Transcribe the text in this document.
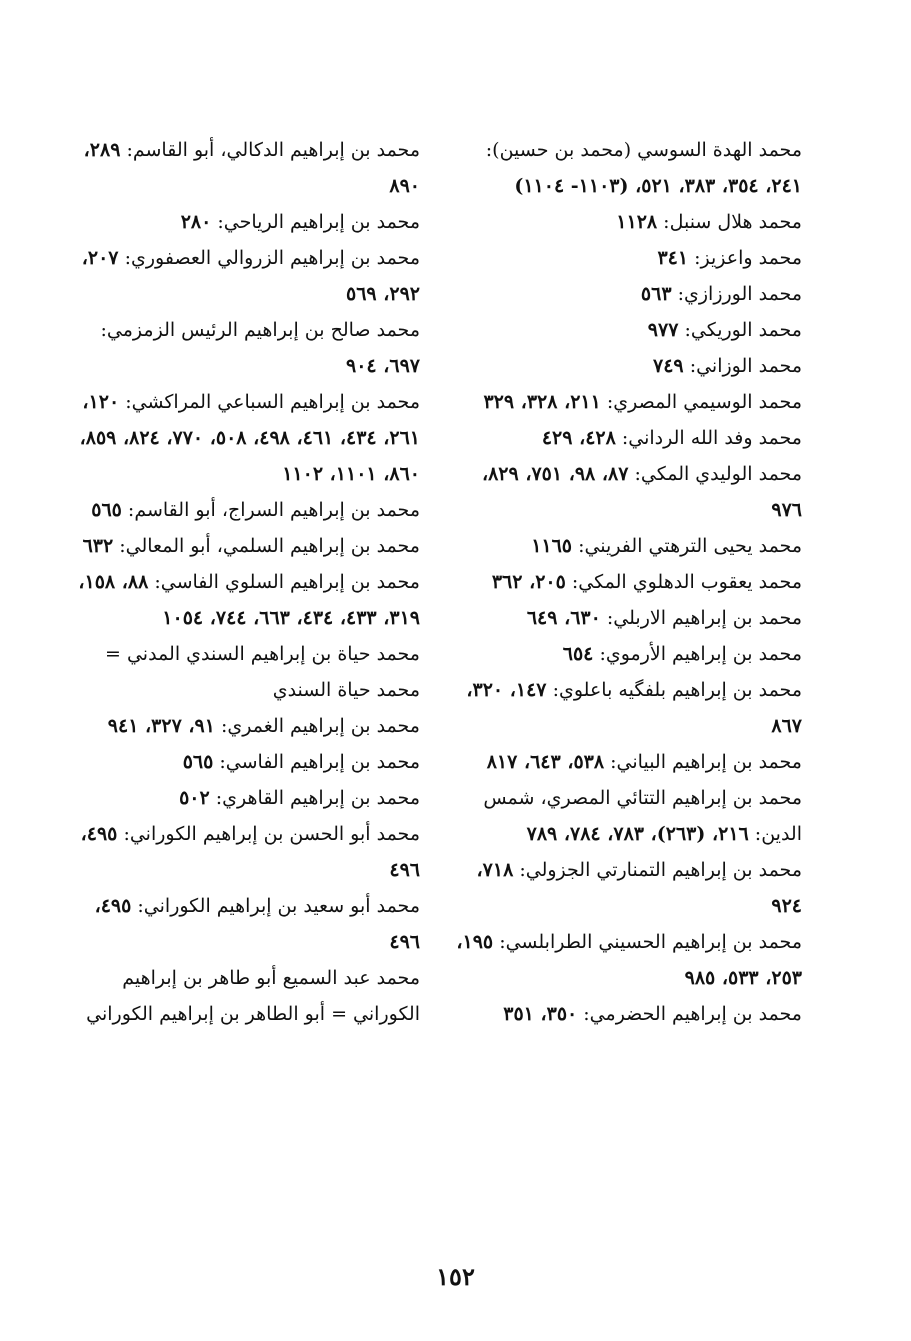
محمد الهدة السوسي (محمد بن حسين): ٢٤١، ٣٥٤، ٣٨٣، ٥٢١، (١١٠٣- ١١٠٤)

محمد هلال سنبل: ١١٢٨

محمد واعزيز: ٣٤١

محمد الورزازي: ٥٦٣

محمد الوريكي: ٩٧٧

محمد الوزاني: ٧٤٩

محمد الوسيمي المصري: ٢١١، ٣٢٨، ٣٢٩

محمد وفد الله الرداني: ٤٢٨، ٤٢٩

محمد الوليدي المكي: ٨٧، ٩٨، ٧٥١، ٨٢٩، ٩٧٦

محمد يحيى الترهتي الفريني: ١١٦٥

محمد يعقوب الدهلوي المكي: ٢٠٥، ٣٦٢

محمد بن إبراهيم الاربلي: ٦٣٠، ٦٤٩

محمد بن إبراهيم الأرموي: ٦٥٤

محمد بن إبراهيم بلفگيه باعلوي: ١٤٧، ٣٢٠، ٨٦٧

محمد بن إبراهيم البياني: ٥٣٨، ٦٤٣، ٨١٧

محمد بن إبراهيم التتائي المصري، شمس الدين: ٢١٦، (٢٦٣)، ٧٨٣، ٧٨٤، ٧٨٩

محمد بن إبراهيم التمنارتي الجزولي: ٧١٨، ٩٢٤

محمد بن إبراهيم الحسيني الطرابلسي: ١٩٥، ٢٥٣، ٥٣٣، ٩٨٥

محمد بن إبراهيم الحضرمي: ٣٥٠، ٣٥١

محمد بن إبراهيم الدكالي، أبو القاسم: ٢٨٩، ٨٩٠

محمد بن إبراهيم الرياحي: ٢٨٠

محمد بن إبراهيم الزروالي العصفوري: ٢٠٧، ٢٩٢، ٥٦٩

محمد صالح بن إبراهيم الرئيس الزمزمي: ٦٩٧، ٩٠٤

محمد بن إبراهيم السباعي المراكشي: ١٢٠، ٢٦١، ٤٣٤، ٤٦١، ٤٩٨، ٥٠٨، ٧٧٠، ٨٢٤، ٨٥٩، ٨٦٠، ١١٠١، ١١٠٢

محمد بن إبراهيم السراج، أبو القاسم: ٥٦٥

محمد بن إبراهيم السلمي، أبو المعالي: ٦٣٢

محمد بن إبراهيم السلوي الفاسي: ٨٨، ١٥٨، ٣١٩، ٤٣٣، ٤٣٤، ٦٦٣، ٧٤٤، ١٠٥٤

محمد حياة بن إبراهيم السندي المدني = محمد حياة السندي

محمد بن إبراهيم الغمري: ٩١، ٣٢٧، ٩٤١

محمد بن إبراهيم الفاسي: ٥٦٥

محمد بن إبراهيم القاهري: ٥٠٢

محمد أبو الحسن بن إبراهيم الكوراني: ٤٩٥، ٤٩٦

محمد أبو سعيد بن إبراهيم الكوراني: ٤٩٥، ٤٩٦

محمد عبد السميع أبو طاهر بن إبراهيم الكوراني = أبو الطاهر بن إبراهيم الكوراني

١٥٢
